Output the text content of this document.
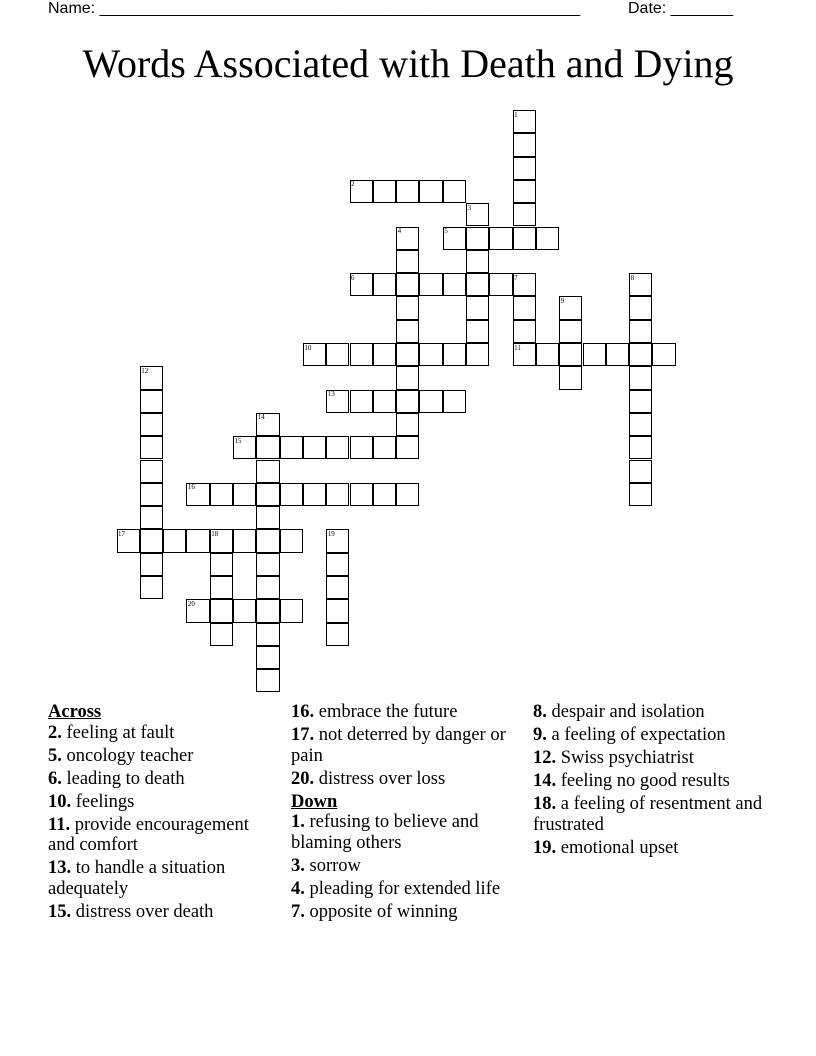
Name: ______________________________________________________	Date: _______
Words Associated with Death and Dying
1
2
3
4	5
6	7	8
9
10	11
12
13
14
15
16
17	18	19
20
Across
2. feeling at fault
5. oncology teacher
6. leading to death
10. feelings
11. provide encouragement and comfort
13. to handle a situation adequately
15. distress over death
16. embrace the future
17. not deterred by danger or pain
20. distress over loss
Down
1. refusing to believe and blaming others
3. sorrow
4. pleading for extended life
7. opposite of winning
8. despair and isolation
9. a feeling of expectation
12. Swiss psychiatrist
14. feeling no good results
18. a feeling of resentment and frustrated
19. emotional upset
